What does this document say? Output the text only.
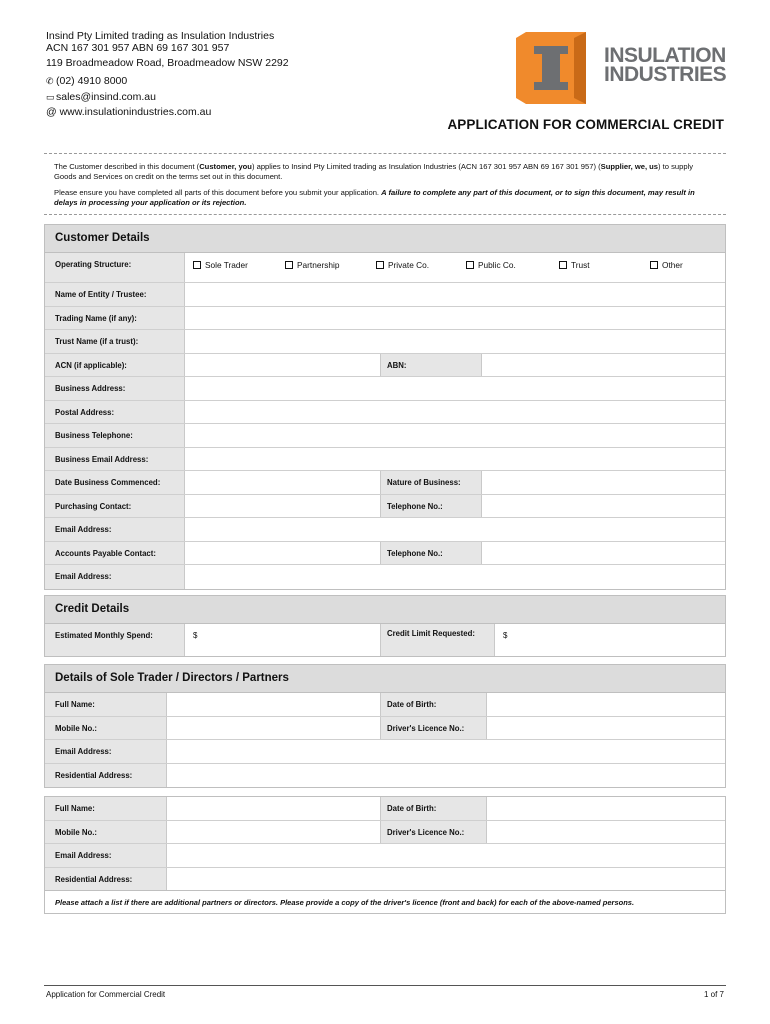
Insind Pty Limited trading as Insulation Industries
ACN 167 301 957 ABN 69 167 301 957
119 Broadmeadow Road, Broadmeadow NSW 2292
✆ (02) 4910 8000
▭sales@insind.com.au
@ www.insulationindustries.com.au
INSULATION
INDUSTRIES
APPLICATION FOR COMMERCIAL CREDIT

The Customer described in this document (Customer, you) applies to Insind Pty Limited trading as Insulation Industries (ACN 167 301 957 ABN 69 167 301 957) (Supplier, we, us) to supply Goods and Services on credit on the terms set out in this document.

Please ensure you have completed all parts of this document before you submit your application. A failure to complete any part of this document, or to sign this document, may result in delays in processing your application or its rejection.

Customer Details
Operating Structure:	Sole Trader	Partnership	Private Co.	Public Co.	Trust	Other
Name of Entity / Trustee:
Trading Name (if any):
Trust Name (if a trust):
ACN (if applicable):	ABN:
Business Address:
Postal Address:
Business Telephone:
Business Email Address:
Date Business Commenced:	Nature of Business:
Purchasing Contact:	Telephone No.:
Email Address:
Accounts Payable Contact:	Telephone No.:
Email Address:
Credit Details
Estimated Monthly Spend:	$	Credit Limit Requested:	$
Details of Sole Trader / Directors / Partners
Full Name:	Date of Birth:
Mobile No.:	Driver's Licence No.:
Email Address:
Residential Address:
Full Name:	Date of Birth:
Mobile No.:	Driver's Licence No.:
Email Address:
Residential Address:
Please attach a list if there are additional partners or directors. Please provide a copy of the driver's licence (front and back) for each of the above-named persons.
Application for Commercial Credit	1 of 7
